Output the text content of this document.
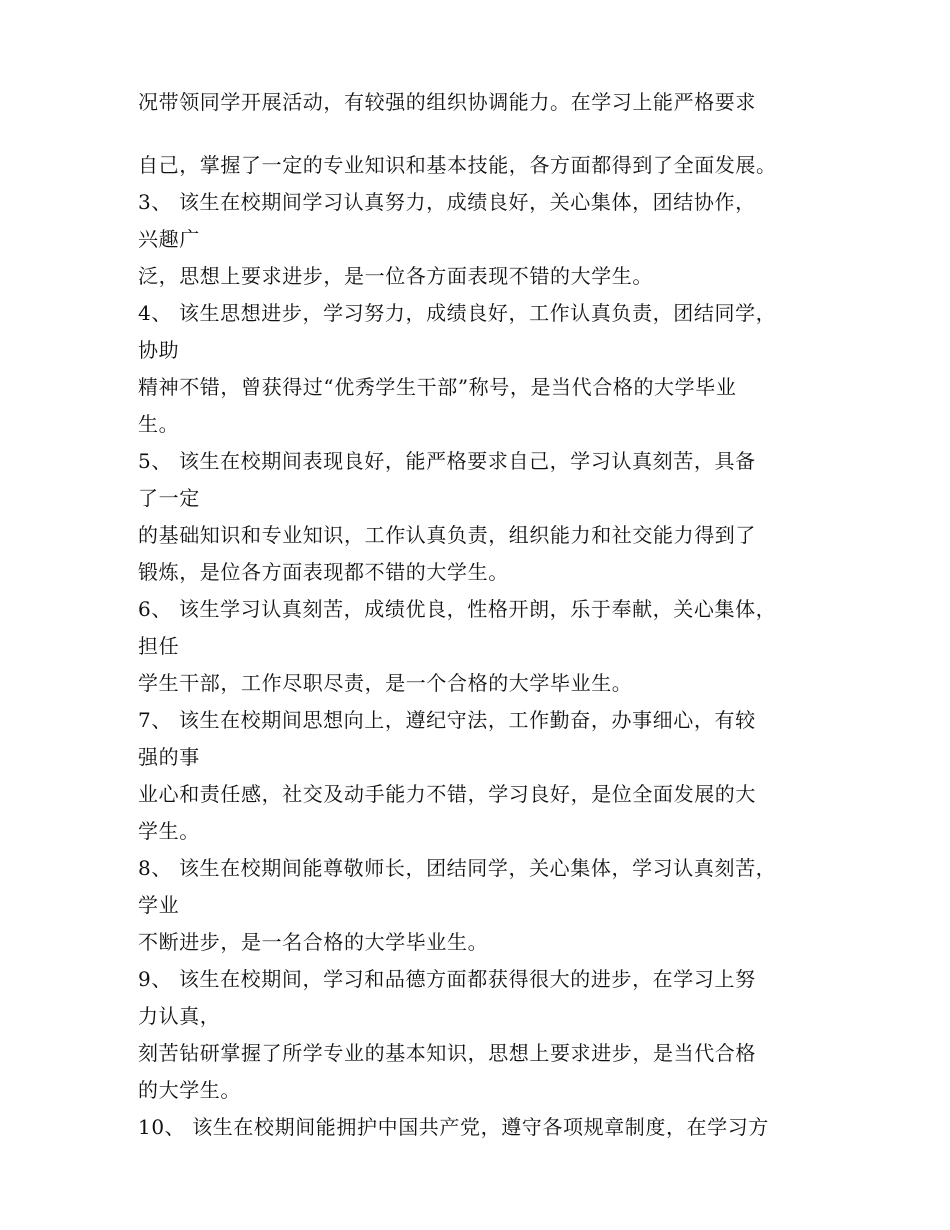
况带领同学开展活动，有较强的组织协调能力。在学习上能严格要求
自己，掌握了一定的专业知识和基本技能，各方面都得到了全面发展。
3、 该生在校期间学习认真努力，成绩良好，关心集体，团结协作，
兴趣广
泛，思想上要求进步，是一位各方面表现不错的大学生。
4、 该生思想进步，学习努力，成绩良好，工作认真负责，团结同学，
协助
精神不错，曾获得过“优秀学生干部”称号，是当代合格的大学毕业
生。
5、 该生在校期间表现良好，能严格要求自己，学习认真刻苦，具备
了一定
的基础知识和专业知识，工作认真负责，组织能力和社交能力得到了
锻炼，是位各方面表现都不错的大学生。
6、 该生学习认真刻苦，成绩优良，性格开朗，乐于奉献，关心集体，
担任
学生干部，工作尽职尽责，是一个合格的大学毕业生。
7、 该生在校期间思想向上，遵纪守法，工作勤奋，办事细心，有较
强的事
业心和责任感，社交及动手能力不错，学习良好，是位全面发展的大
学生。
8、 该生在校期间能尊敬师长，团结同学，关心集体，学习认真刻苦，
学业
不断进步，是一名合格的大学毕业生。
9、 该生在校期间，学习和品德方面都获得很大的进步，在学习上努
力认真，
刻苦钻研掌握了所学专业的基本知识，思想上要求进步，是当代合格
的大学生。
10、 该生在校期间能拥护中国共产党，遵守各项规章制度，在学习方
